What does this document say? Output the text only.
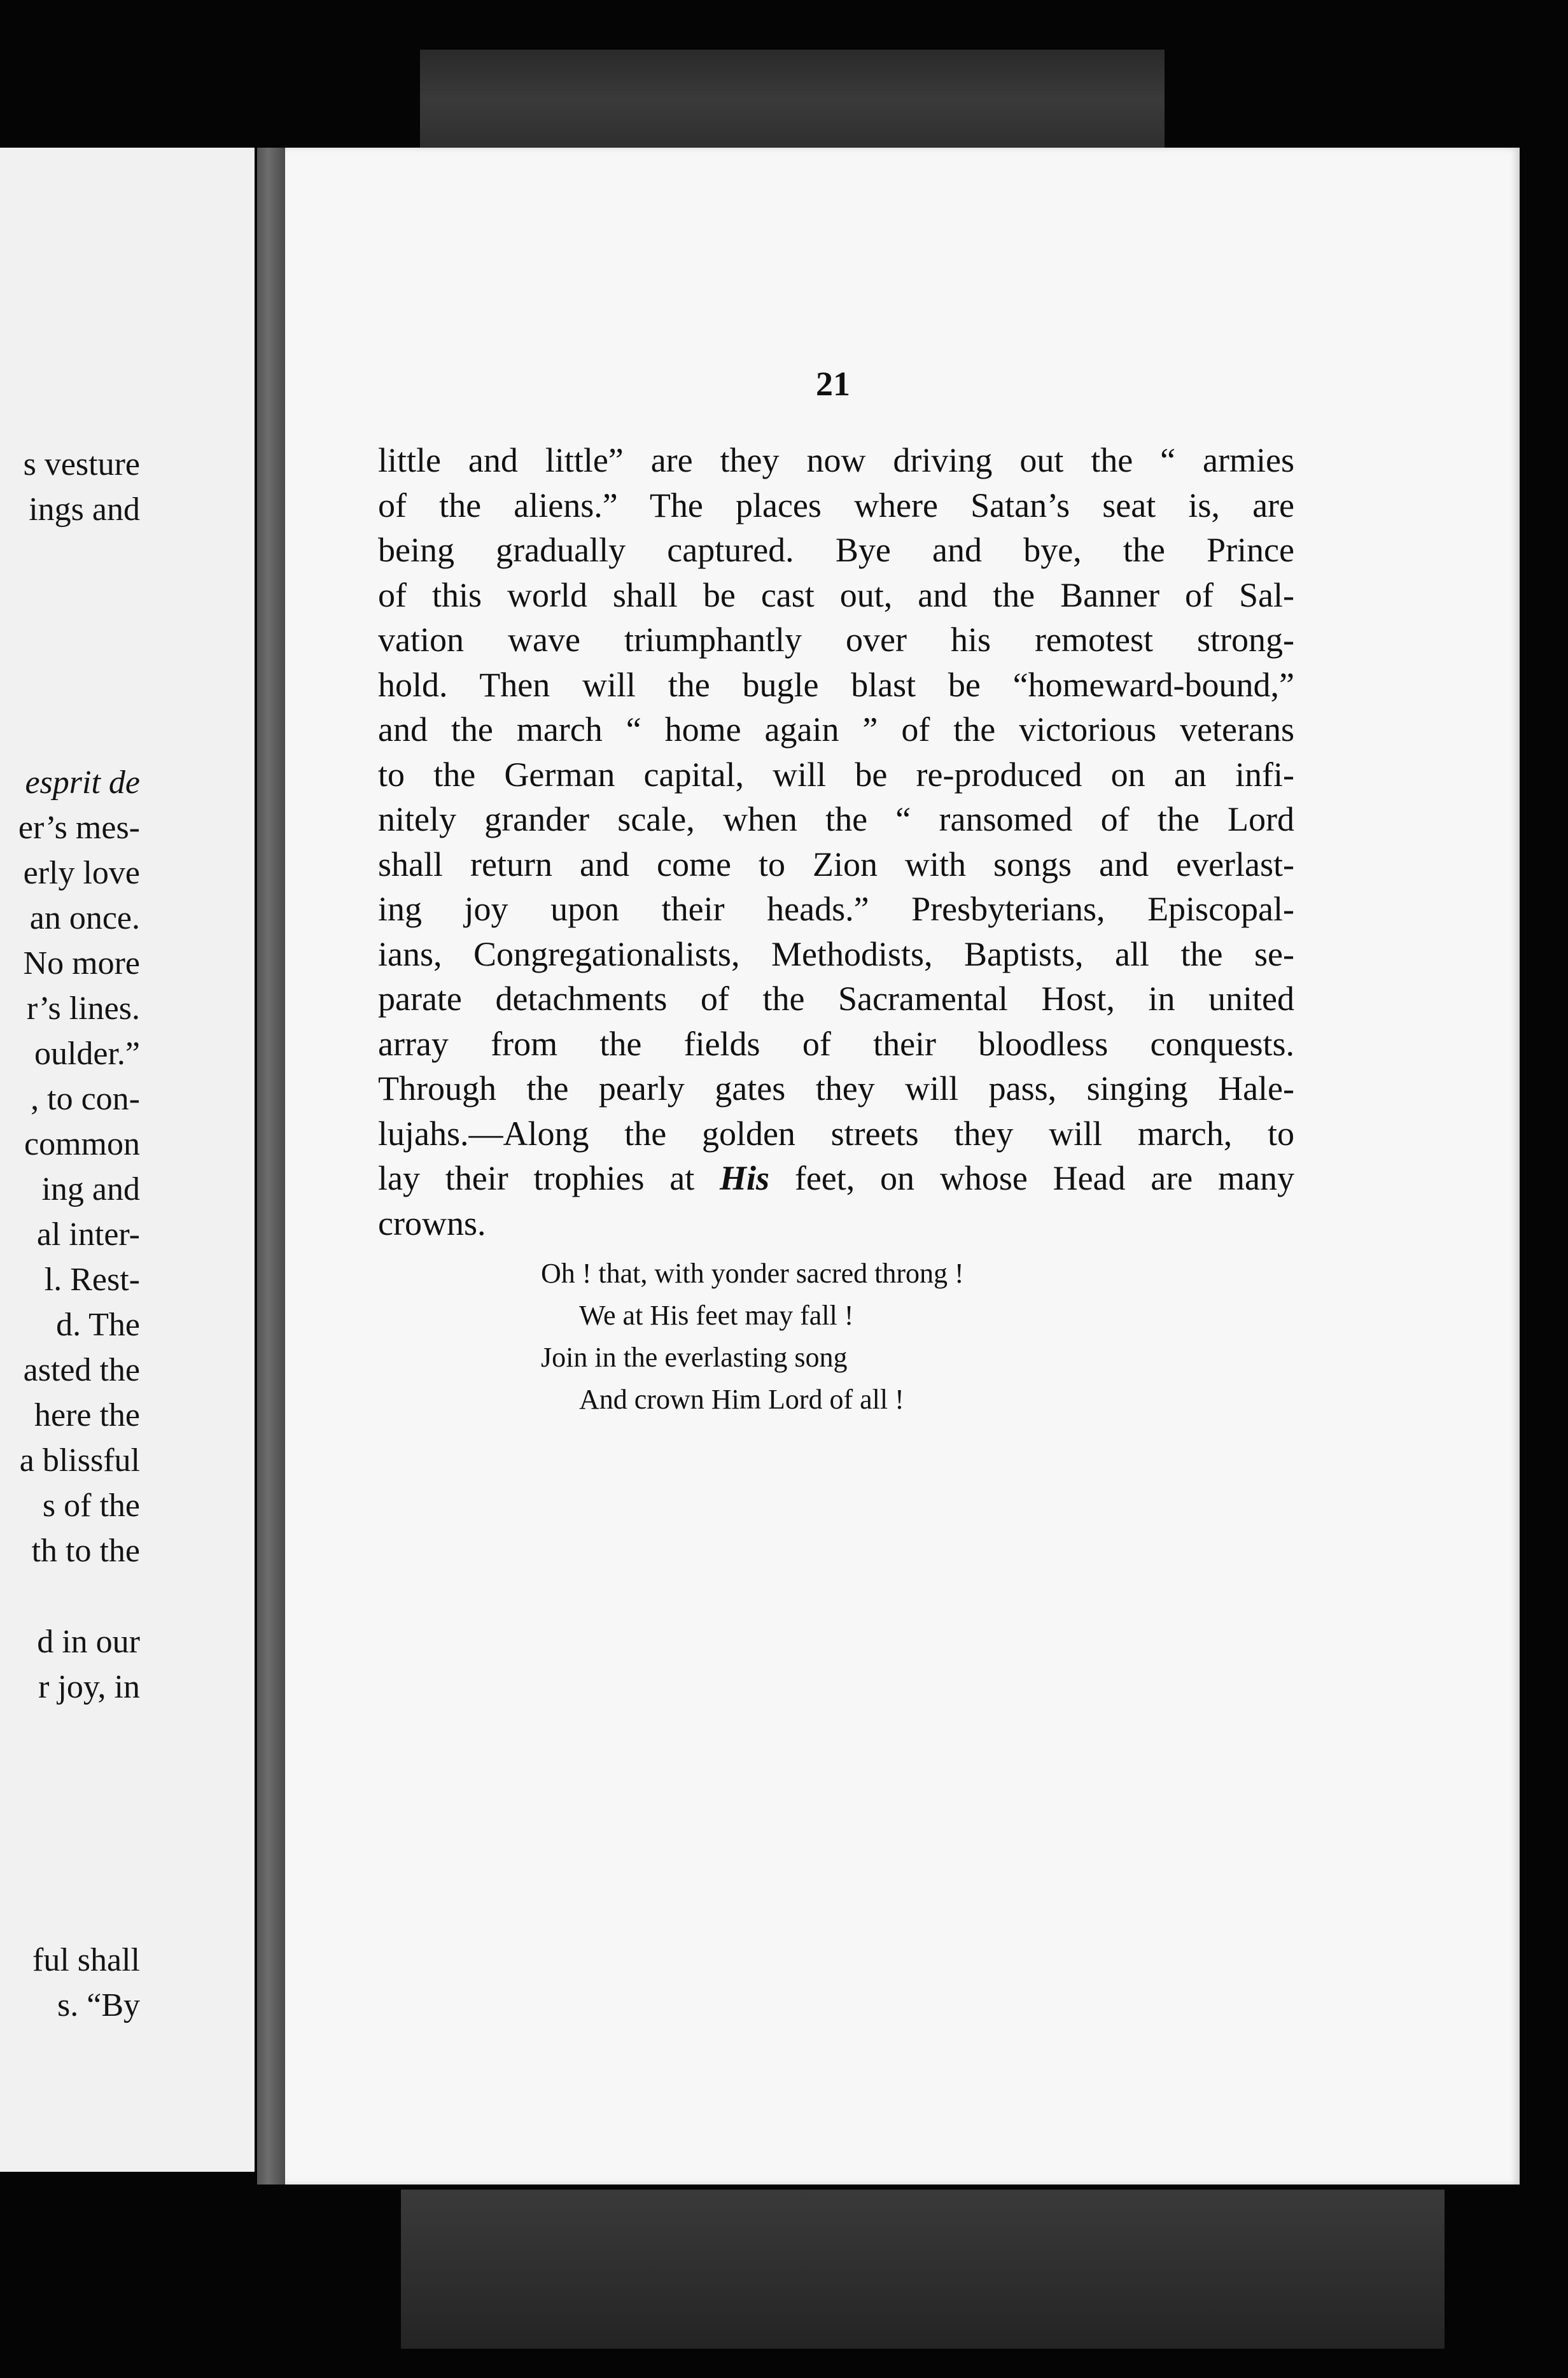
s vesture
ings and
esprit de
er’s mes-
erly love
an once.
No more
r’s lines.
oulder.”
, to con-
common
ing and
al inter-
l. Rest-
d. The
asted the
here the
a blissful
s of the
th to the
d in our
r joy, in
ful shall
s. “By
21
little and little” are they now driving out the “ armies
of the aliens.” The places where Satan’s seat is, are
being gradually captured. Bye and bye, the Prince
of this world shall be cast out, and the Banner of Sal-
vation wave triumphantly over his remotest strong-
hold. Then will the bugle blast be “homeward-bound,”
and the march “ home again ” of the victorious veterans
to the German capital, will be re-produced on an infi-
nitely grander scale, when the “ ransomed of the Lord
shall return and come to Zion with songs and everlast-
ing joy upon their heads.” Presbyterians, Episcopal-
ians, Congregationalists, Methodists, Baptists, all the se-
parate detachments of the Sacramental Host, in united
array from the fields of their bloodless conquests.
Through the pearly gates they will pass, singing Hale-
lujahs.—Along the golden streets they will march, to
lay their trophies at His feet, on whose Head are many
crowns.
Oh ! that, with yonder sacred throng !
We at His feet may fall !
Join in the everlasting song
And crown Him Lord of all !
